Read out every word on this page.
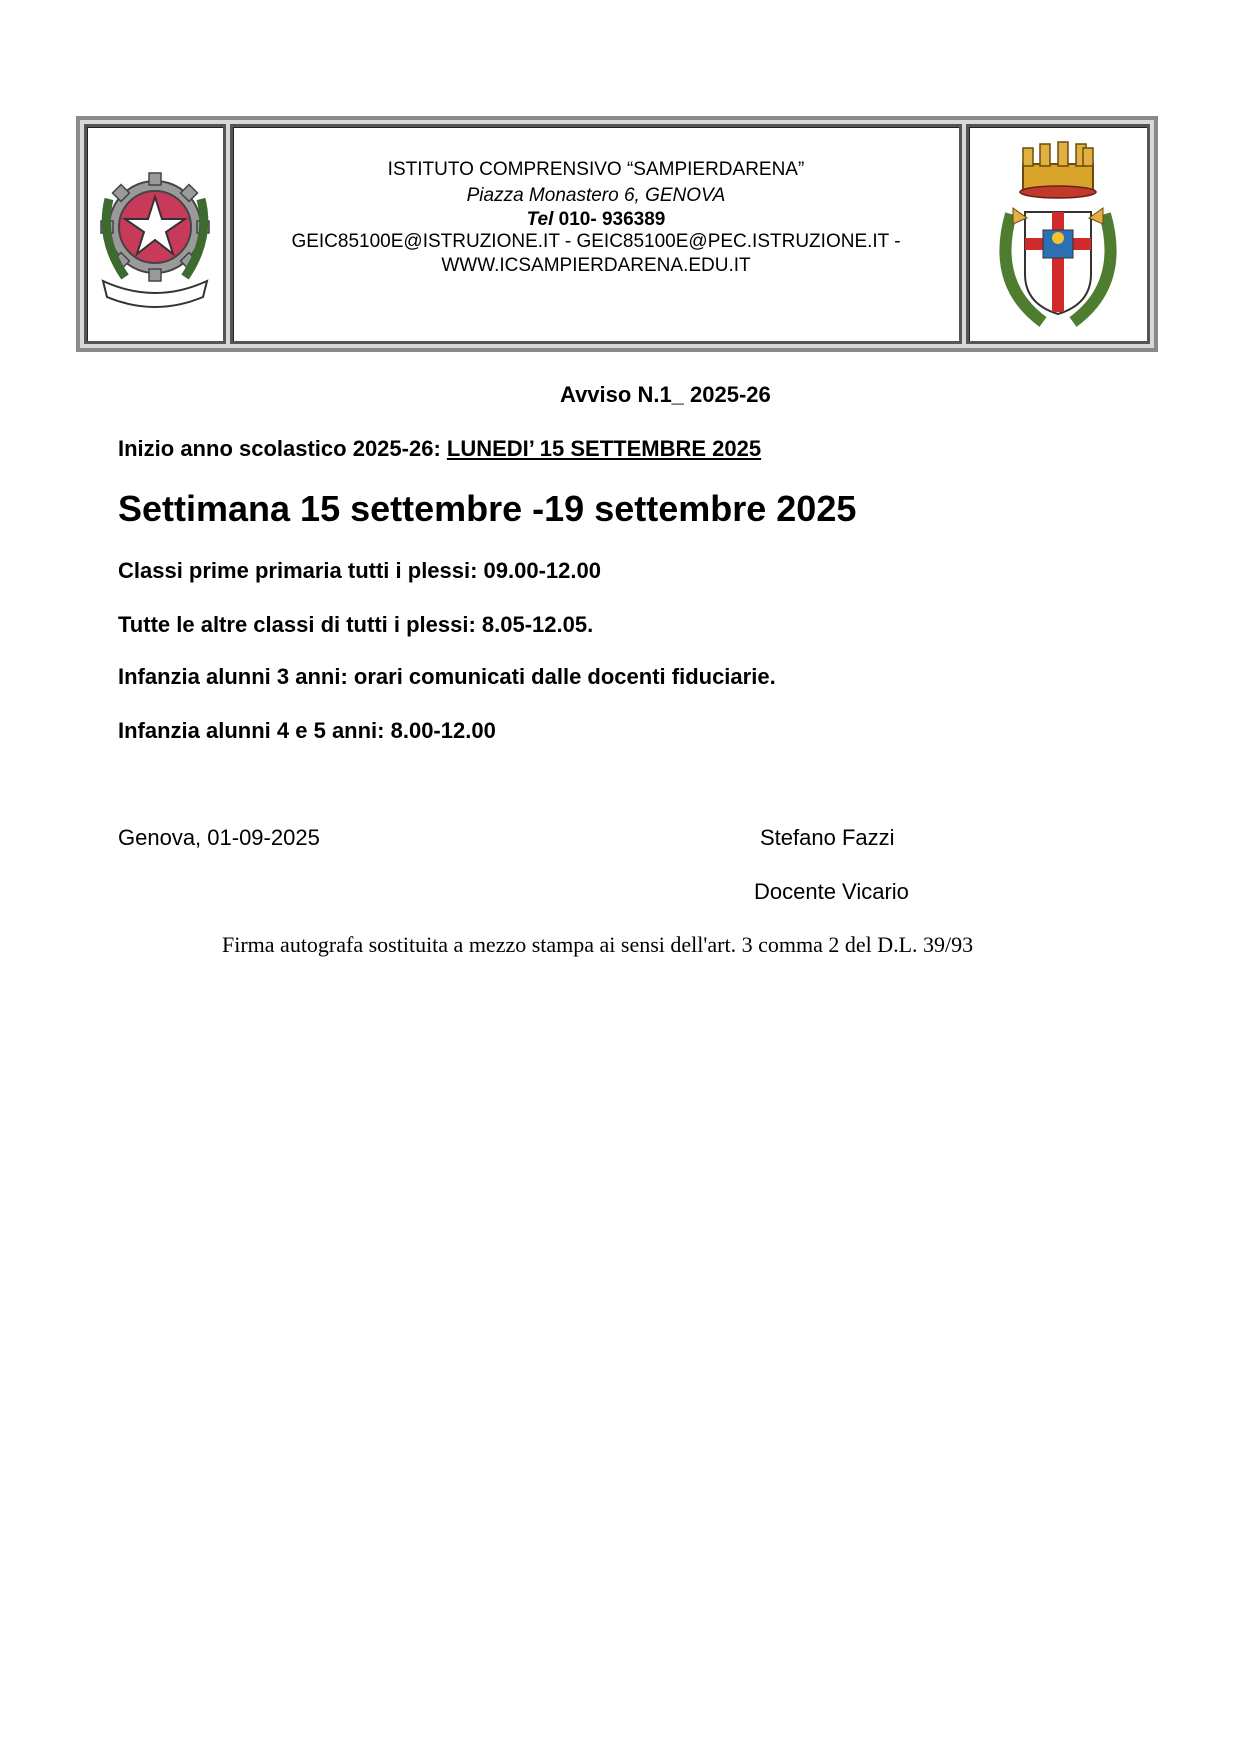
ISTITUTO COMPRENSIVO “SAMPIERDARENA”
Piazza Monastero 6, GENOVA
Tel 010- 936389
GEIC85100E@ISTRUZIONE.IT - GEIC85100E@PEC.ISTRUZIONE.IT -
WWW.ICSAMPIERDARENA.EDU.IT
Avviso N.1_ 2025-26
Inizio anno scolastico 2025-26: LUNEDI’ 15 SETTEMBRE 2025
Settimana 15 settembre -19 settembre 2025
Classi prime primaria tutti i plessi: 09.00-12.00
Tutte le altre classi di tutti i plessi: 8.05-12.05.
Infanzia alunni 3 anni: orari comunicati dalle docenti fiduciarie.
Infanzia alunni 4 e 5 anni: 8.00-12.00
Genova, 01-09-2025	Stefano Fazzi
Docente Vicario
Firma autografa sostituita a mezzo stampa ai sensi dell'art. 3 comma 2 del D.L. 39/93
